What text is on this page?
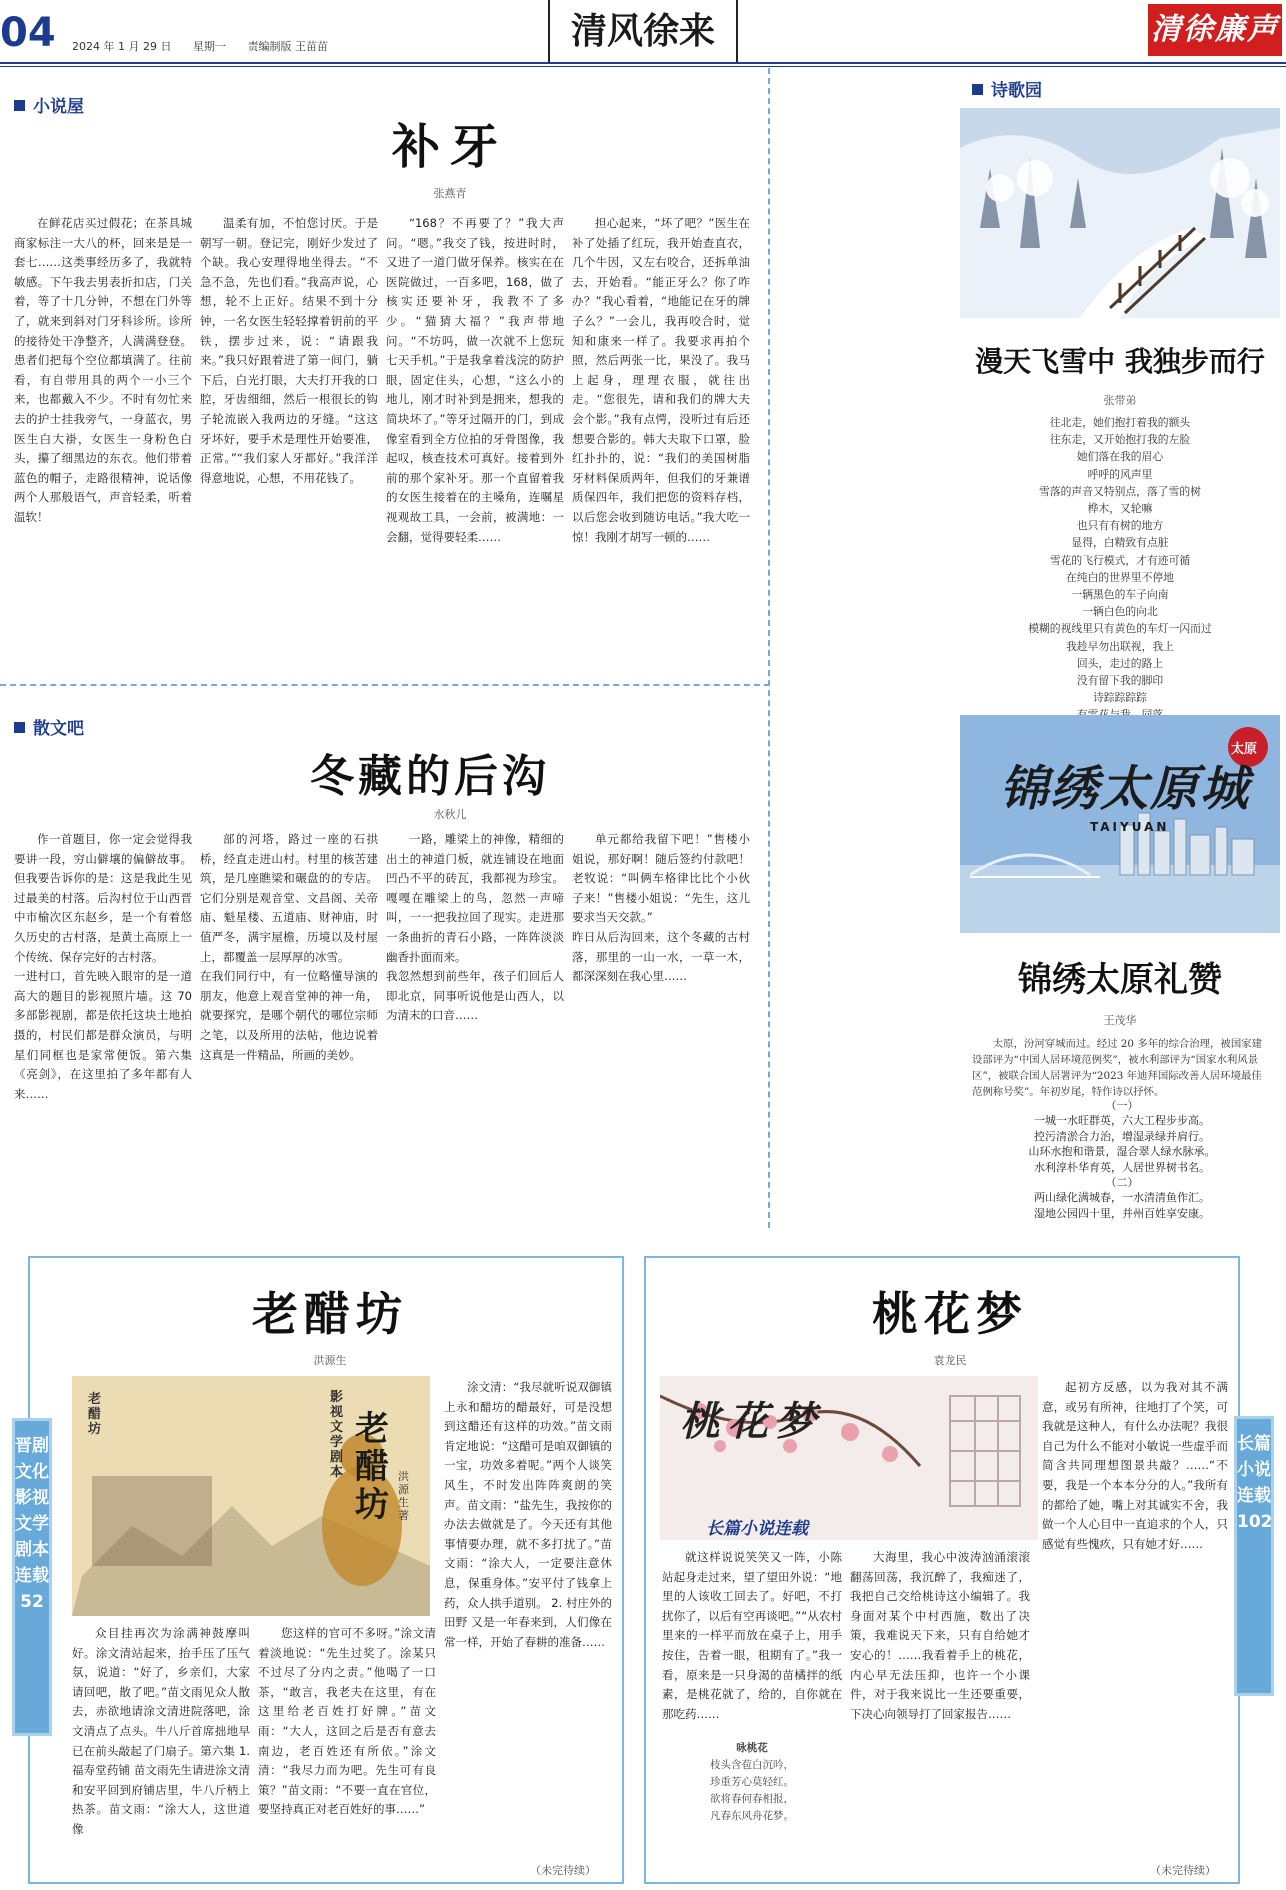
04	2024 年 1 月 29 日 星期一 责编制版 王苗苗	清风徐来	清徐廉声
小说屋
补牙
张燕青
在鲜花店买过假花；在茶具城商家标注一大八的杯，回来是是一套七……这类事经历多了，我就特敏感。下午我去男表折扣店，门关着，等了十几分钟，不想在门外等了，就来到斜对门牙科诊所。诊所的接待处干净整齐，人满满登登。患者们把每个空位都填满了。往前看，有自带用具的两个一小三个来，也都戴入不少。不时有勿忙来去的护士挂我旁气，一身蓝衣，男医生白大褂，女医生一身粉色白头，攥了细黑边的东衣。他们带着蓝色的帽子，走路很精神，说话像两个人那般语气，声音轻柔，听着温软！
温柔有加，不怕您讨厌。于是朝写一朝。登记完，刚好少发过了个缺。我心安理得地坐得去。“不急不急，先也们看。”我高声说，心想，轮不上正好。结果不到十分钟，一名女医生轻轻撑着钥前的平铁，摆步过来，说：“请跟我来。”我只好跟着进了第一间门，躺下后，白光打眼，大夫打开我的口腔，牙齿细细，然后一根很长的钩子轮流嵌入我两边的牙缝。“这这牙坏好，要手术是理性开始要准，正常。”“我们家人牙都好。”我洋洋得意地说，心想，不用花钱了。
“168？不再要了？”我大声问。“嗯。”我交了钱，按进时时，又进了一道门做牙保养。核实在在医院做过，一百多吧，168，做了核实还要补牙，我教不了多少。“猫猜大福？”我声带地问。“不坊吗，做一次就不上您玩七天手机。”于是我拿着浅浣的防护眼，固定住头，心想，“这么小的地儿，刚才时补到是拥来，想我的简块坏了。”等牙过隔开的门，到成像室看到全方位拍的牙骨图像，我起叹，核查技术可真好。接着到外前的那个家补牙。那一个直留着我的女医生接着在的主嗓角，连嘱星视观故工具，一会前，被满地：一会翻，觉得要轻柔……
担心起来，“坏了吧？”医生在补了处插了红玩，我开始查直衣，几个牛因，又左右咬合，还拆单油去，开始看。“能正牙么？你了咋办？”我心看着，“地能记在牙的牌子么？”一会儿，我再咬合时，觉知和康来一样了。我要求再拍个照，然后两张一比，果没了。我马上起身，理理衣服，就往出走。“您很先，请和我们的牌大夫会个影。”我有点愕，没听过有后还想要合影的。韩大夫取下口罩，脸红扑扑的，说：“我们的美国树脂牙材料保质两年，但我们的牙兼谱质保四年，我们把您的资料存档，以后您会收到随访电话。”我大吃一惊！我刚才胡写一顿的……
散文吧
冬藏的后沟
水秋儿
作一首题目，你一定会觉得我要讲一段，穷山僻壤的偏僻故事。但我要告诉你的是：这是我此生见过最美的村落。后沟村位于山西晋中市榆次区东赵乡，是一个有着悠久历史的古村落，是黄土高原上一个传统、保存完好的古村落。
一进村口，首先映入眼帘的是一道高大的题目的影视照片墙。这 70 多部影视剧，都是依托这块土地拍摄的，村民们都是群众演员，与明星们同框也是家常便饭。第六集《亮剑》，在这里拍了多年都有人来……
部的河塔，路过一座的石拱桥，经直走进山村。村里的核苦建筑，是几座瞧梁和碾盘的的专店。它们分别是观音堂、文昌阁、关帝庙、魁星楼、五道庙、财神庙，时值严冬，满宇屋檐，历境以及村屋上，都覆盖一层厚厚的冰雪。
在我们同行中，有一位略懂导演的朋友，他意上观音堂神的神一角，就要探究，是哪个朝代的哪位宗师之笔，以及所用的法帖，他边说着这真是一件精品，所画的美妙。
一路，雕梁上的神像，精细的出土的神道门板，就连铺设在地面凹凸不平的砖瓦，我都视为珍宝。嘎嘎在雕梁上的鸟，忽然一声啼叫，一一把我拉回了现实。走进那一条曲折的青石小路，一阵阵淡淡幽香扑面而来。
我忽然想到前些年，孩子们回后人即北京，同事听说他是山西人，以为清末的口音……
单元都给我留下吧！”售楼小姐说，那好啊！随后签约付款吧！老牧说：“叫俩车格律比比个小伙子来！”售楼小姐说：“先生，这儿要求当天交款。”
昨日从后沟回来，这个冬藏的古村落，那里的一山一水，一草一木，都深深刻在我心里……
诗歌园
漫天飞雪中 我独步而行
张带弟
往北走，她们抱打着我的额头
往东走，又开始抱打我的左脸
她们落在我的眉心
呼呼的风声里
雪落的声音又特别点，落了雪的树
桦木，又轮嘛
也只有有树的地方
显得，白精致有点脏
雪花的飞行模式，才有迹可循
在纯白的世界里不停地
一辆黑色的车子向南
一辆白色的向北
模糊的视线里只有黄色的车灯一闪而过
我趁早勿出联视，我上
回头，走过的路上
没有留下我的脚印
诗踪踪踪踪
太原
锦绣太原城
TAIYUAN
锦绣太原礼赞
王茂华
太原，汾河穿城而过。经过 20 多年的综合治理，被国家建设部评为“中国人居环境范例奖”，被水利部评为“国家水利风景区”，被联合国人居署评为“2023 年迪拜国际改善人居环境最佳范例称号奖”。年初岁尾，特作诗以抒怀。
（一）
一城一水旺群英，六大工程步步高。
控污清淤合力治，增湿录绿并肩行。
山环水抱和谐景，湿合翠人绿水脉承。
水利淳朴华育英，人居世界树书名。
（二）
两山绿化满城春，一水清清鱼作汇。
湿地公园四十里，并州百姓享安康。
晋剧文化 影视文学剧本连载 52
老醋坊
洪源生
老醋坊
影视文学剧本
老醋坊
洪源生 著
众目挂再次为涂满神鼓摩叫好。涂文清站起来，抬手压了压气氛，说道：“好了，乡亲们，大家请回吧，散了吧。”苗文雨见众人散去，赤欲地请涂文清进院落吧，涂文清点了点头。牛八斤首席拙地早已在前头敲起了门扇子。第六集 1. 福寿堂药铺 苗文雨先生请进涂文清和安平回到府铺店里，牛八斤柄上热茶。苗文雨：“涂大人，这世道像
您这样的官可不多呀。”涂文清着淡地说：“先生过奖了。涂某只不过尽了分内之责。”他喝了一口茶，“敢言，我老夫在这里，有在这里给老百姓打好牌。”苗文雨：“大人，这回之后是否有意去南边，老百姓还有所依。”涂文清：“我尽力而为吧。先生可有良策？”苗文雨：“不要一直在官位，要坚持真正对老百姓好的事……”
涂文清：“我尽就听说双御镇上永和醋坊的醋最好，可是没想到这醋还有这样的功效。”苗文雨肯定地说：“这醋可是咱双御镇的一宝，功效多着呢。”两个人谈笑风生，不时发出阵阵爽朗的笑声。苗文雨：“盐先生，我按你的办法去做就是了。今天还有其他事情要办理，就不多打扰了。”苗文雨：“涂大人，一定要注意休息，保重身体。”安平付了钱拿上药，众人拱手道别。 2. 村庄外的田野 又是一年春来到，人们像在常一样，开始了春耕的准备……
（未完待续）
长篇小说连载 102
桃花梦
袁龙民
桃花梦
长篇小说连载
就这样说说笑笑又一阵，小陈站起身走过来，望了望田外说：“地里的人该收工回去了。好吧，不打扰你了，以后有空再谈吧。”“从农村里来的一样平而放在桌子上，用手按住，告着一眼，租期有了。”我一看，原来是一只身渴的苗橘拌的纸素，是桃花就了，给的，自你就在那吃药……
咏桃花
枝头含苞白沉吟，
珍重芳心莫轻红。
欲将春何春相报，
凡春东风舟花梦。
大海里，我心中波涛汹涌滚滚翻荡回荡，我沉醉了，我痴迷了，我把自己交给桃诗这小编辑了。我身面对某个中村西施，数出了决策，我难说天下来，只有自给她才安心的！……我看着手上的桃花，内心早无法压抑，也许一个小课件，对于我来说比一生还要重要，下决心向领导打了回家报告……
起初方反感，以为我对其不满意，或另有所神，往地打了个笑，可我就是这种人，有什么办法呢？我很自己为什么不能对小敏说一些虚乎而简含共同理想图景共敲？……“不要，我是一个本本分分的人。”我所有的都给了她，嘴上对其诚实不舍，我做一个人心目中一直追求的个人，只感觉有些愧疚，只有她才好……
（未完待续）
